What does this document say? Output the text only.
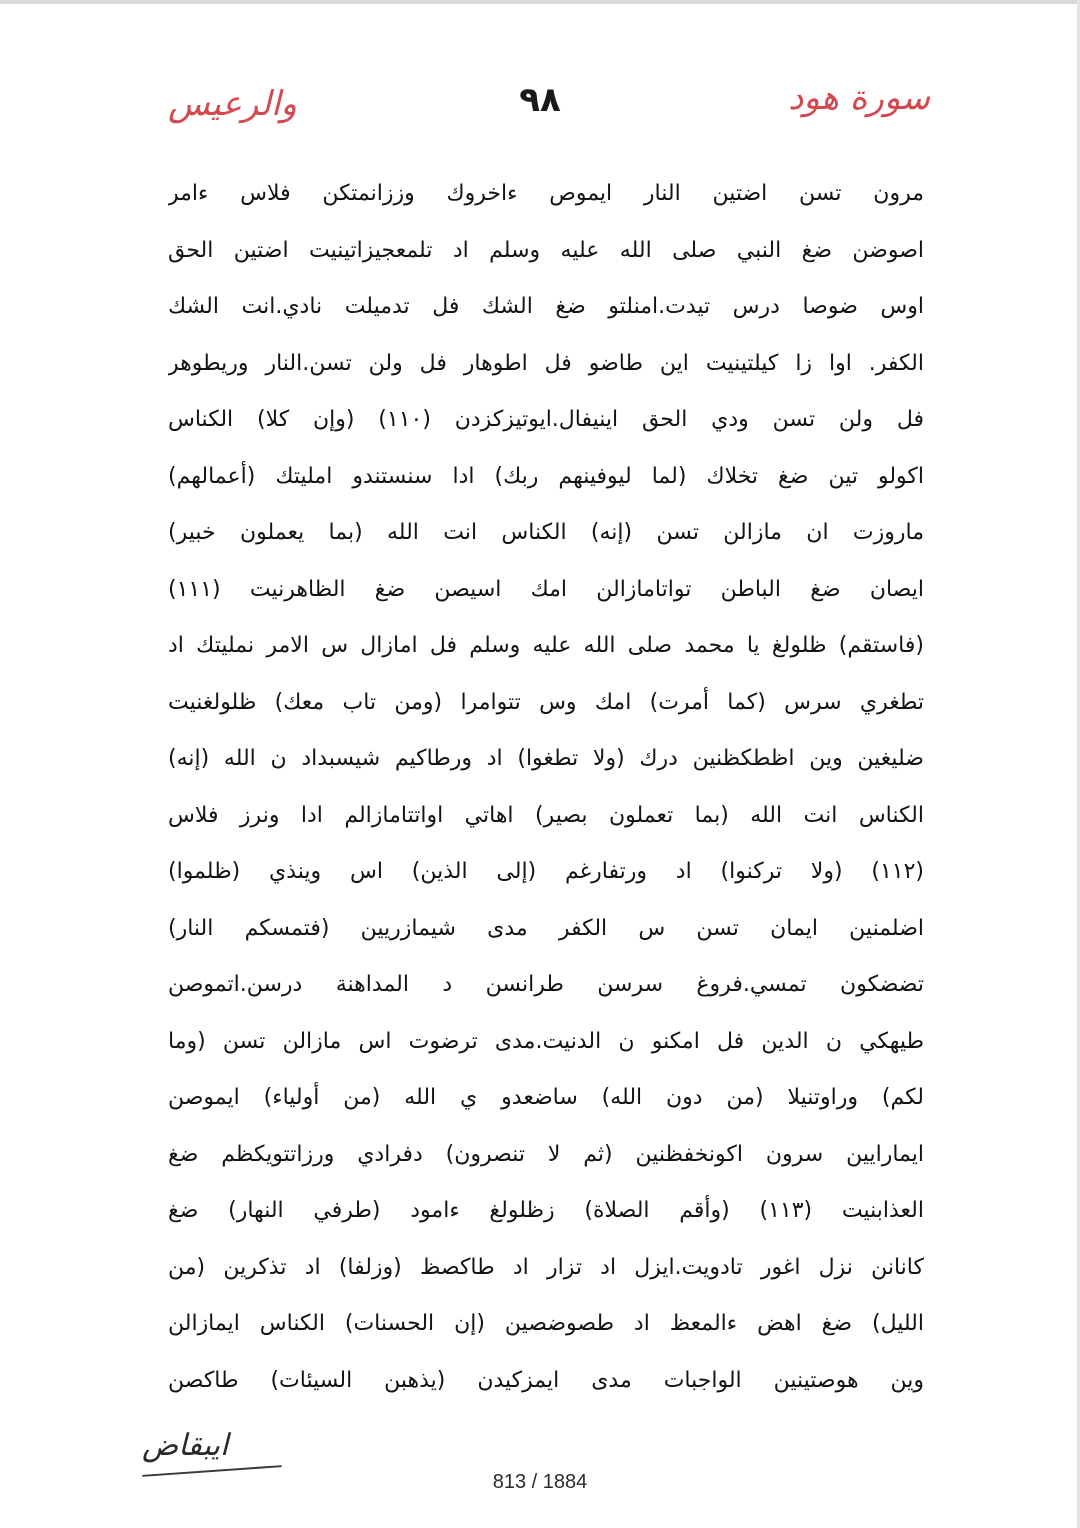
سورة هود
٩٨
والرعيس
مرون تسن اضتين النار ايموص ءاخروك وززانمتكن فلاس ءامر
اصوضن ضغ النبي صلى الله عليه وسلم اد تلمعجيزاتينيت اضتين الحق
اوس ضوصا درس تيدت.امنلتو ضغ الشك فل تدميلت نادي.انت الشك
الكفر. اوا زا كيلتينيت اين طاضو فل اطوهار فل ولن تسن.النار وريطوهر
فل ولن تسن ودي الحق اينيفال.ايوتيزكزدن (١١٠) (وإن كلا) الكناس
اكولو تين ضغ تخلاك (لما ليوفينهم ربك) ادا سنستندو امليتك (أعمالهم)
ماروزت ان مازالن تسن (إنه) الكناس انت الله (بما يعملون خبير)
ايصان ضغ الباطن تواتامازالن امك اسيصن ضغ الظاهرنيت (١١١)
(فاستقم) ظلولغ يا محمد صلى الله عليه وسلم فل امازال س الامر نمليتك اد
تطغري سرس (كما أمرت) امك وس تتوامرا (ومن تاب معك) ظلولغنيت
ضليغين وين اظطكظنين درك (ولا تطغوا) اد ورطاكيم شيسبداد ن الله (إنه)
الكناس انت الله (بما تعملون بصير) اهاتي اواتتامازالم ادا ونرز فلاس
(١١٢) (ولا تركنوا) اد ورتفارغم (إلى الذين) اس وينذي (ظلموا)
اضلمنين ايمان تسن س الكفر مدى شيمازريين (فتمسكم النار)
تضضكون تمسي.فروغ سرسن طرانسن د المداهنة درسن.اتموصن
طيهكي ن الدين فل امكنو ن الدنيت.مدى ترضوت اس مازالن تسن (وما
لكم) وراوتنيلا (من دون الله) ساضعدو ي الله (من أولياء) ايموصن
ايمارايين سرون اكونخفظنين (ثم لا تنصرون) دفرادي ورزاتتويكظم ضغ
العذابنيت (١١٣) (وأقم الصلاة) زظلولغ ءامود (طرفي النهار) ضغ
كانانن نزل اغور تادويت.ايزل اد تزار اد طاكصظ (وزلفا) اد تذكرين (من
الليل) ضغ اهض ءالمعظ اد طصوضصين (إن الحسنات) الكناس ايمازالن
وين هوصتينين الواجبات مدى ايمزكيدن (يذهبن السيئات) طاكصن
ايبقاض
813 / 1884
